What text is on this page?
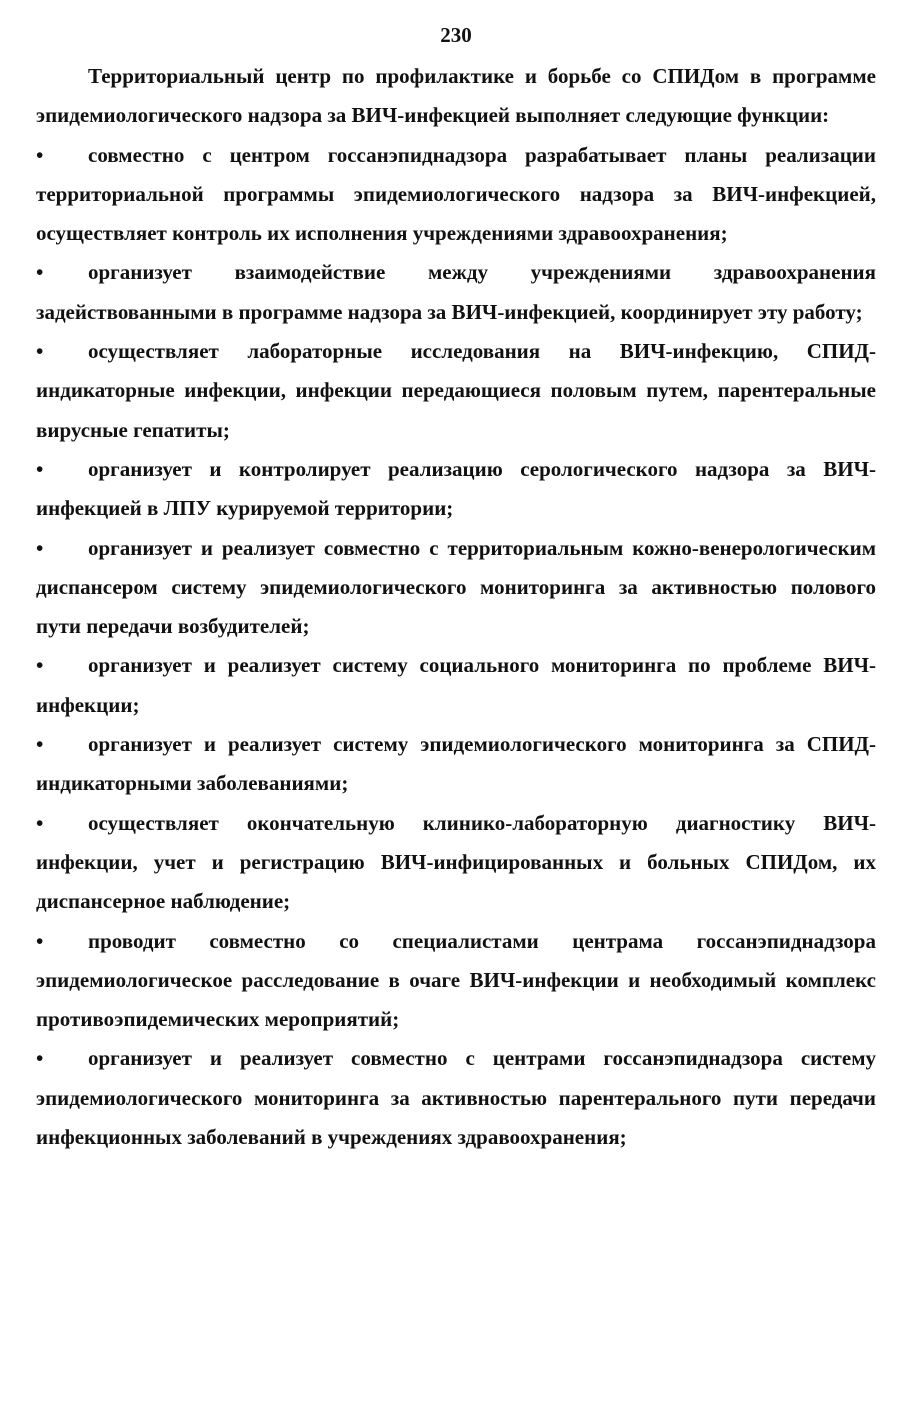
230

Территориальный центр по профилактике и борьбе со СПИДом в программе эпидемиологического надзора за ВИЧ-инфекцией выполняет следующие функции:

• совместно с центром госсанэпиднадзора разрабатывает планы реализации территориальной программы эпидемиологического надзора за ВИЧ-инфекцией, осуществляет контроль их исполнения учреждениями здравоохранения;
• организует взаимодействие между учреждениями здравоохранения задействованными в программе надзора за ВИЧ-инфекцией, координирует эту работу;
• осуществляет лабораторные исследования на ВИЧ-инфекцию, СПИД-индикаторные инфекции, инфекции передающиеся половым путем, парентеральные вирусные гепатиты;
• организует и контролирует реализацию серологического надзора за ВИЧ-инфекцией в ЛПУ курируемой территории;
• организует и реализует совместно с территориальным кожно-венерологическим диспансером систему эпидемиологического мониторинга за активностью полового пути передачи возбудителей;
• организует и реализует систему социального мониторинга по проблеме ВИЧ-инфекции;
• организует и реализует систему эпидемиологического мониторинга за СПИД-индикаторными заболеваниями;
• осуществляет окончательную клинико-лабораторную диагностику ВИЧ-инфекции, учет и регистрацию ВИЧ-инфицированных и больных СПИДом, их диспансерное наблюдение;
• проводит совместно со специалистами центрама госсанэпиднадзора эпидемиологическое расследование в очаге ВИЧ-инфекции и необходимый комплекс противоэпидемических мероприятий;
• организует и реализует совместно с центрами госсанэпиднадзора систему эпидемиологического мониторинга за активностью парентерального пути передачи инфекционных заболеваний в учреждениях здравоохранения;
